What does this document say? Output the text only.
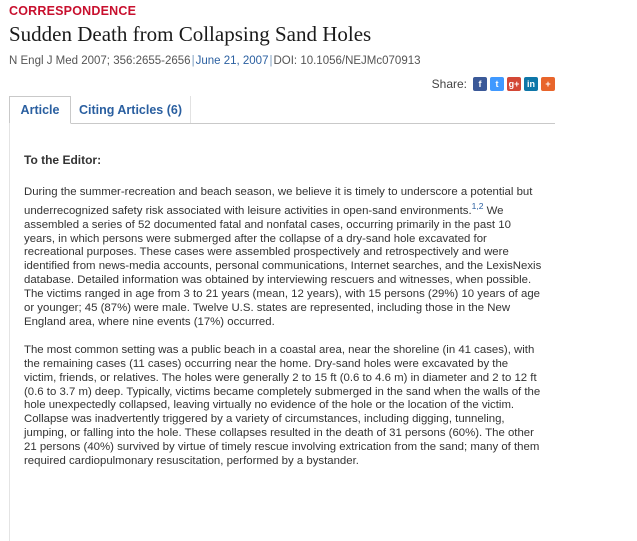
CORRESPONDENCE
Sudden Death from Collapsing Sand Holes
N Engl J Med 2007; 356:2655-2656|June 21, 2007|DOI: 10.1056/NEJMc070913
Share:	f	t	g+ in	+
Article	Citing Articles (6)

To the Editor:

During the summer-recreation and beach season, we believe it is timely to underscore a potential but underrecognized safety risk associated with leisure activities in open-sand environments.$^{1,2}$ We assembled a series of 52 documented fatal and nonfatal cases, occurring primarily in the past 10 years, in which persons were submerged after the collapse of a dry-sand hole excavated for recreational purposes. These cases were assembled prospectively and retrospectively and were identified from news-media accounts, personal communications, Internet searches, and the LexisNexis database. Detailed information was obtained by interviewing rescuers and witnesses, when possible. The victims ranged in age from 3 to 21 years (mean, 12 years), with 15 persons (29%) 10 years of age or younger; 45 (87%) were male. Twelve U.S. states are represented, including those in the New England area, where nine events (17%) occurred.

The most common setting was a public beach in a coastal area, near the shoreline (in 41 cases), with the remaining cases (11 cases) occurring near the home. Dry-sand holes were excavated by the victim, friends, or relatives. The holes were generally 2 to 15 ft (0.6 to 4.6 m) in diameter and 2 to 12 ft (0.6 to 3.7 m) deep. Typically, victims became completely submerged in the sand when the walls of the hole unexpectedly collapsed, leaving virtually no evidence of the hole or the location of the victim. Collapse was inadvertently triggered by a variety of circumstances, including digging, tunneling, jumping, or falling into the hole. These collapses resulted in the death of 31 persons (60%). The other 21 persons (40%) survived by virtue of timely rescue involving extrication from the sand; many of them required cardiopulmonary resuscitation, performed by a bystander.
